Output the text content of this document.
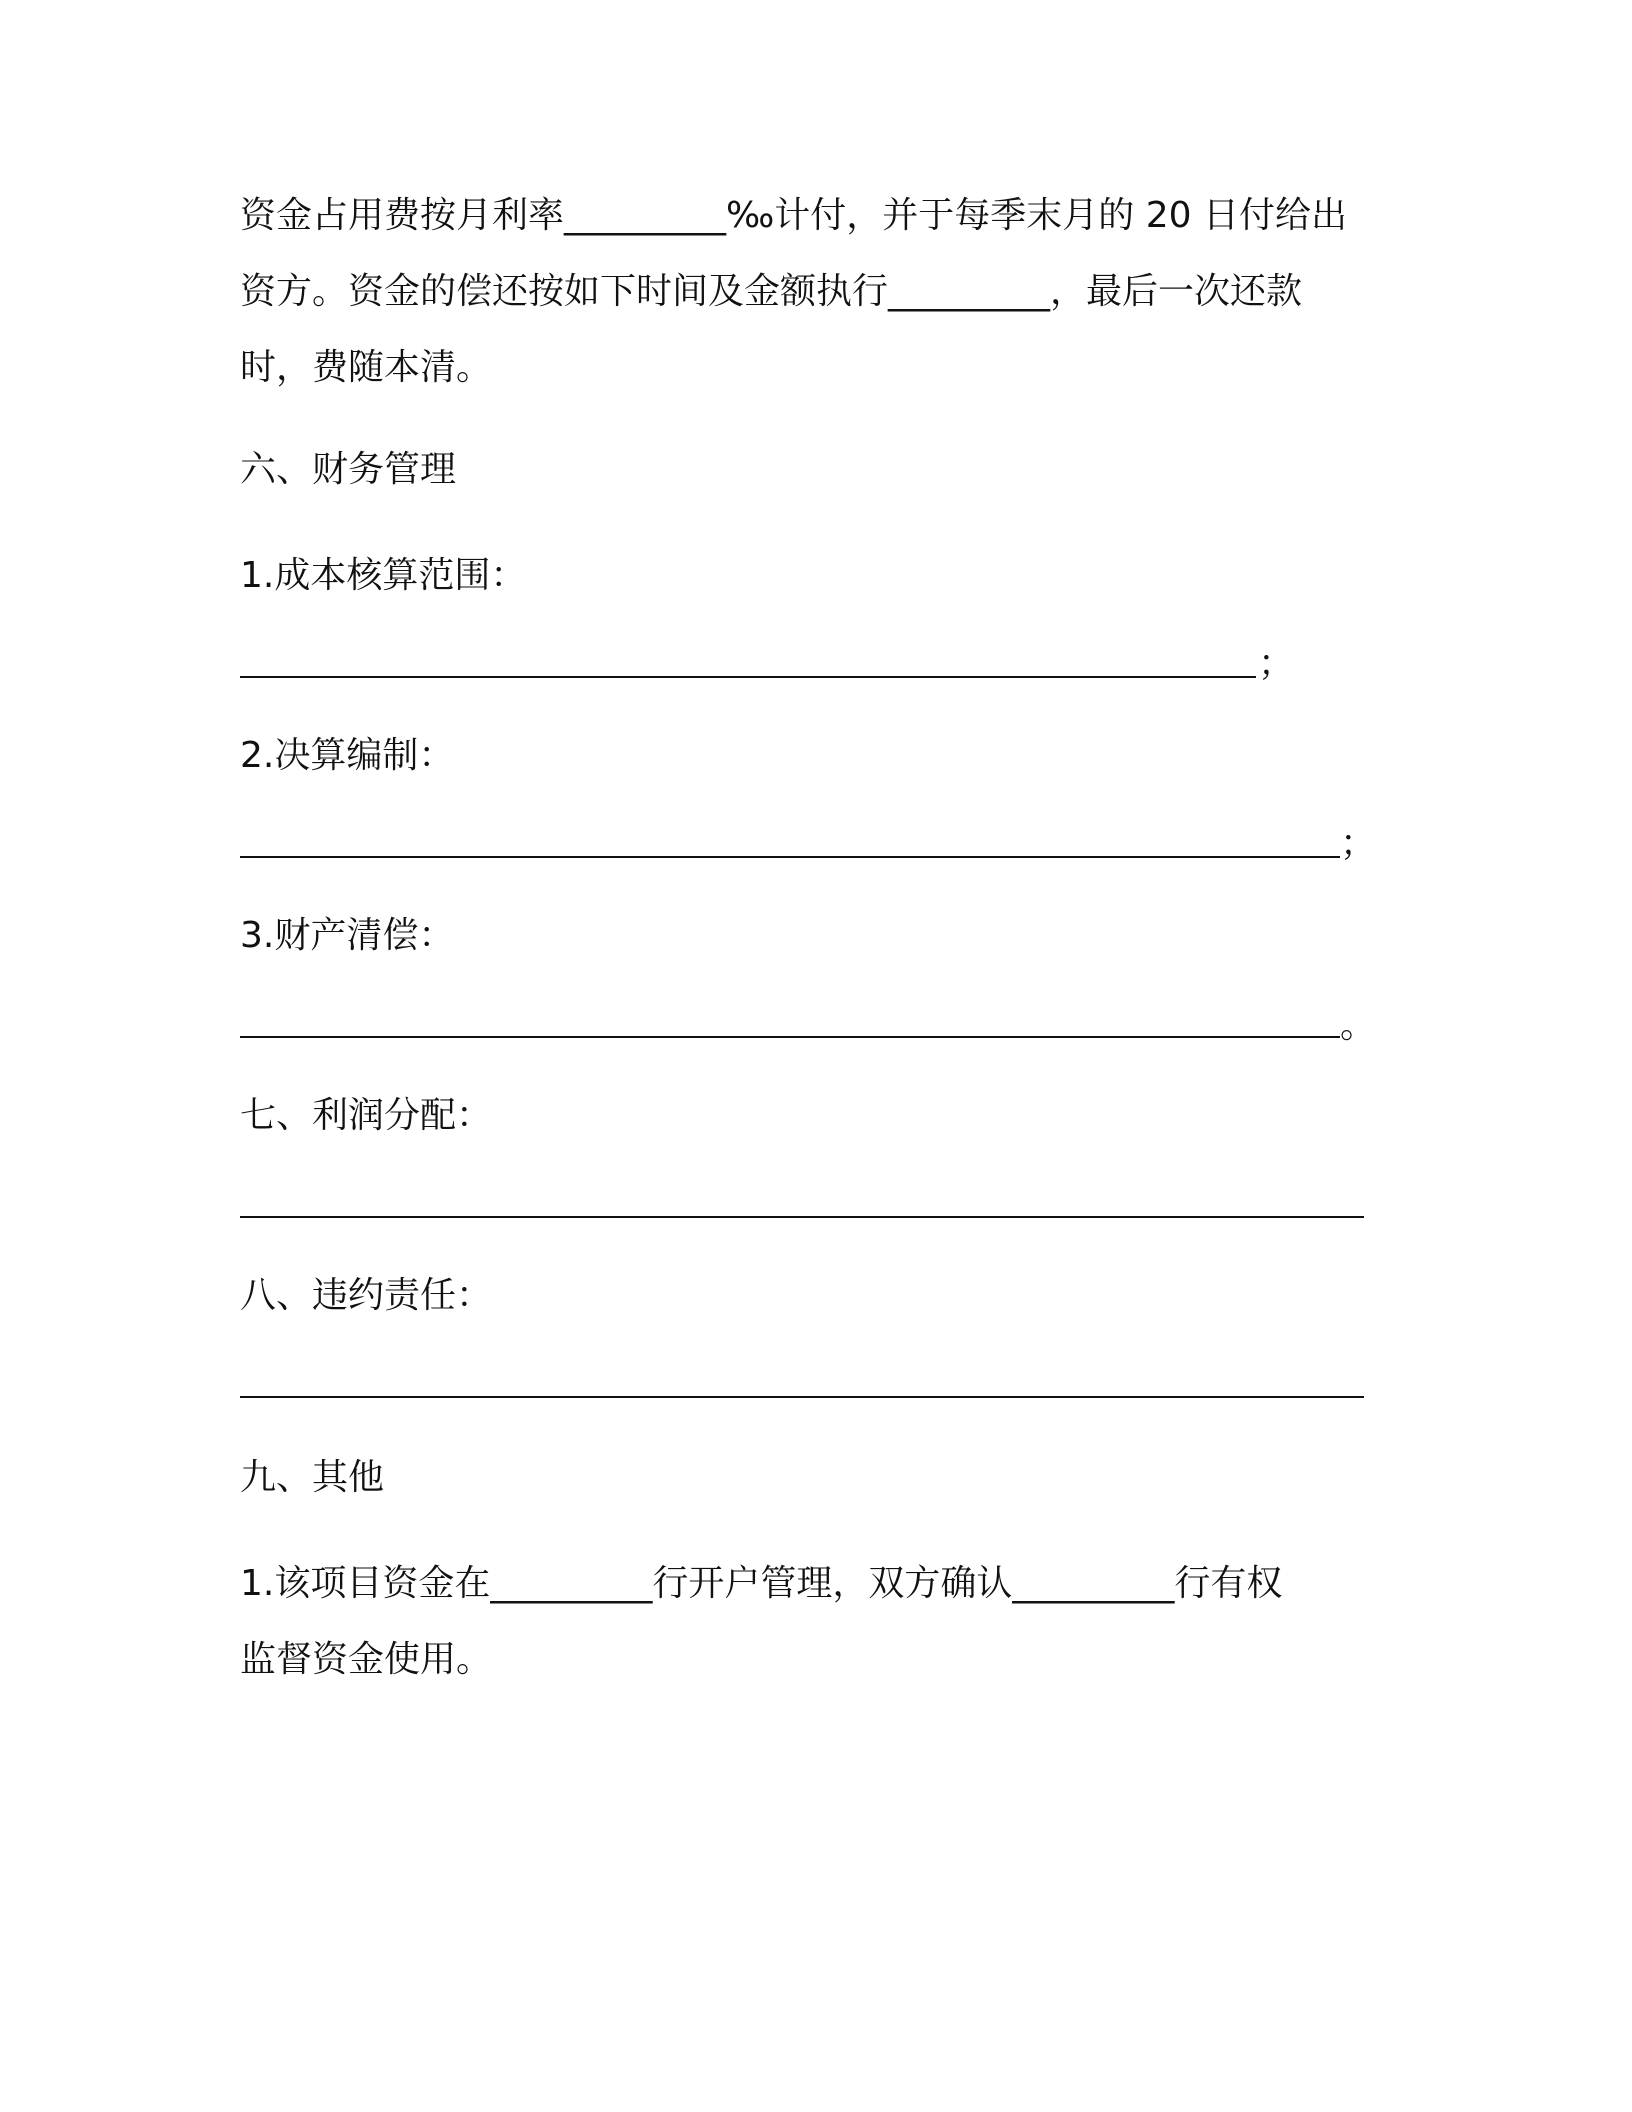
资金占用费按月利率_________‰计付，并于每季末月的 20 日付给出
资方。资金的偿还按如下时间及金额执行_________，最后一次还款
时，费随本清。
六、财务管理
1.成本核算范围：
；
2.决算编制：
；
3.财产清偿：
。
七、利润分配：
八、违约责任：
九、其他
1.该项目资金在_________行开户管理，双方确认_________行有权
监督资金使用。
